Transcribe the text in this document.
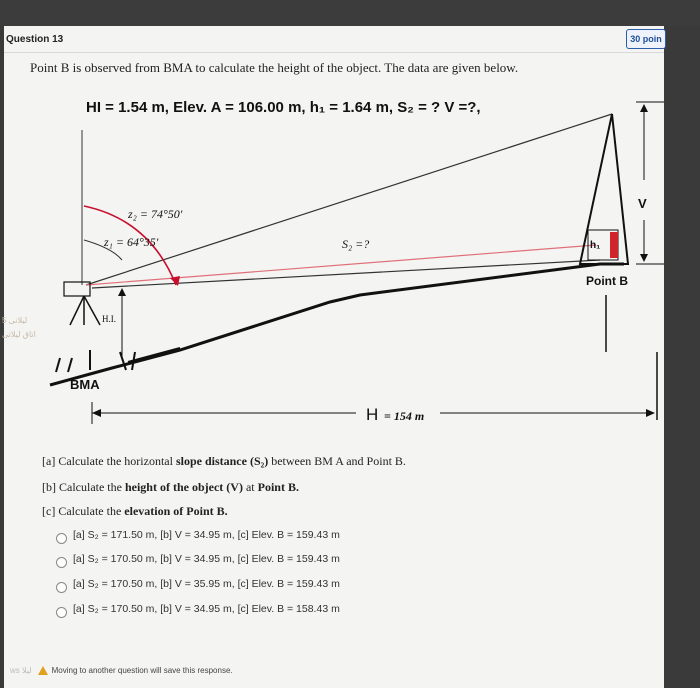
Question 13	30 poin
Point B is observed from BMA to calculate the height of the object. The data are given below.
5 لیلاتی
اتاق لیلاتی
HI = 1.54 m, Elev. A = 106.00 m, h₁ = 1.64 m, S₂ = ? V =?,
z₂ = 74°50′
z₁ = 64°35′	S₂ =?
H.I.
BMA
h₁
V
Point B
H = 154 m
[a] Calculate the horizontal slope distance (S₂) between BM A and Point B.
[b] Calculate the height of the object (V) at Point B.
[c] Calculate the elevation of Point B.
[a] S₂ = 171.50 m, [b] V = 34.95 m, [c] Elev. B = 159.43 m
[a] S₂ = 170.50 m, [b] V = 34.95 m, [c] Elev. B = 159.43 m
[a] S₂ = 170.50 m, [b] V = 35.95 m, [c] Elev. B = 159.43 m
[a] S₂ = 170.50 m, [b] V = 34.95 m, [c] Elev. B = 158.43 m
ws لیلا	Moving to another question will save this response.
